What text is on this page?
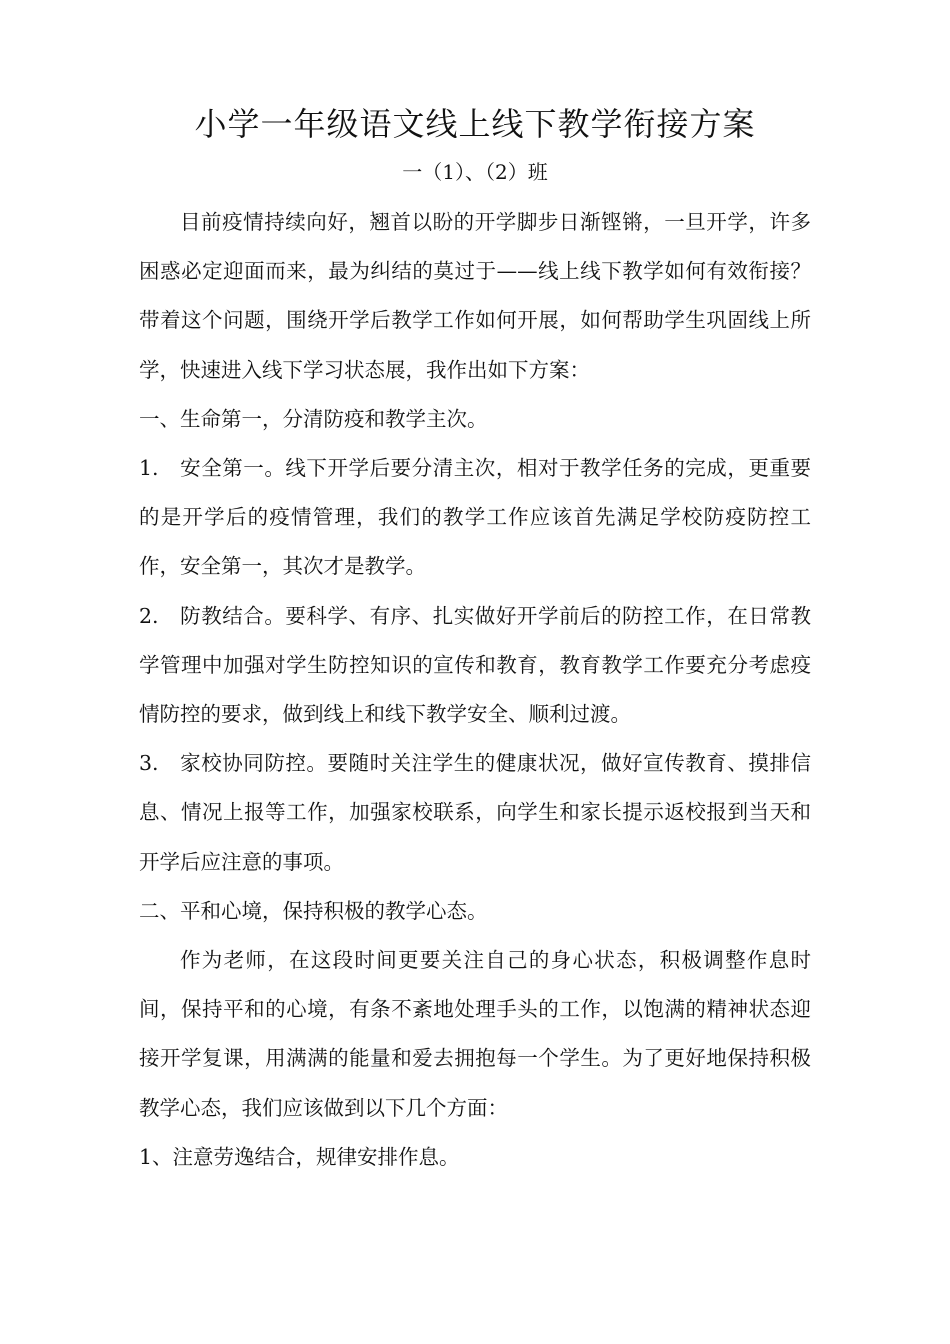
小学一年级语文线上线下教学衔接方案
一（1）、（2）班

目前疫情持续向好，翘首以盼的开学脚步日渐铿锵，一旦开学，许多困惑必定迎面而来，最为纠结的莫过于——线上线下教学如何有效衔接？带着这个问题，围绕开学后教学工作如何开展，如何帮助学生巩固线上所学，快速进入线下学习状态展，我作出如下方案：

一、生命第一，分清防疫和教学主次。

1.　安全第一。线下开学后要分清主次，相对于教学任务的完成，更重要的是开学后的疫情管理，我们的教学工作应该首先满足学校防疫防控工作，安全第一，其次才是教学。

2.　防教结合。要科学、有序、扎实做好开学前后的防控工作，在日常教学管理中加强对学生防控知识的宣传和教育，教育教学工作要充分考虑疫情防控的要求，做到线上和线下教学安全、顺利过渡。

3.　家校协同防控。要随时关注学生的健康状况，做好宣传教育、摸排信息、情况上报等工作，加强家校联系，向学生和家长提示返校报到当天和开学后应注意的事项。

二、平和心境，保持积极的教学心态。

作为老师，在这段时间更要关注自己的身心状态，积极调整作息时间，保持平和的心境，有条不紊地处理手头的工作，以饱满的精神状态迎接开学复课，用满满的能量和爱去拥抱每一个学生。为了更好地保持积极教学心态，我们应该做到以下几个方面：

1、注意劳逸结合，规律安排作息。
